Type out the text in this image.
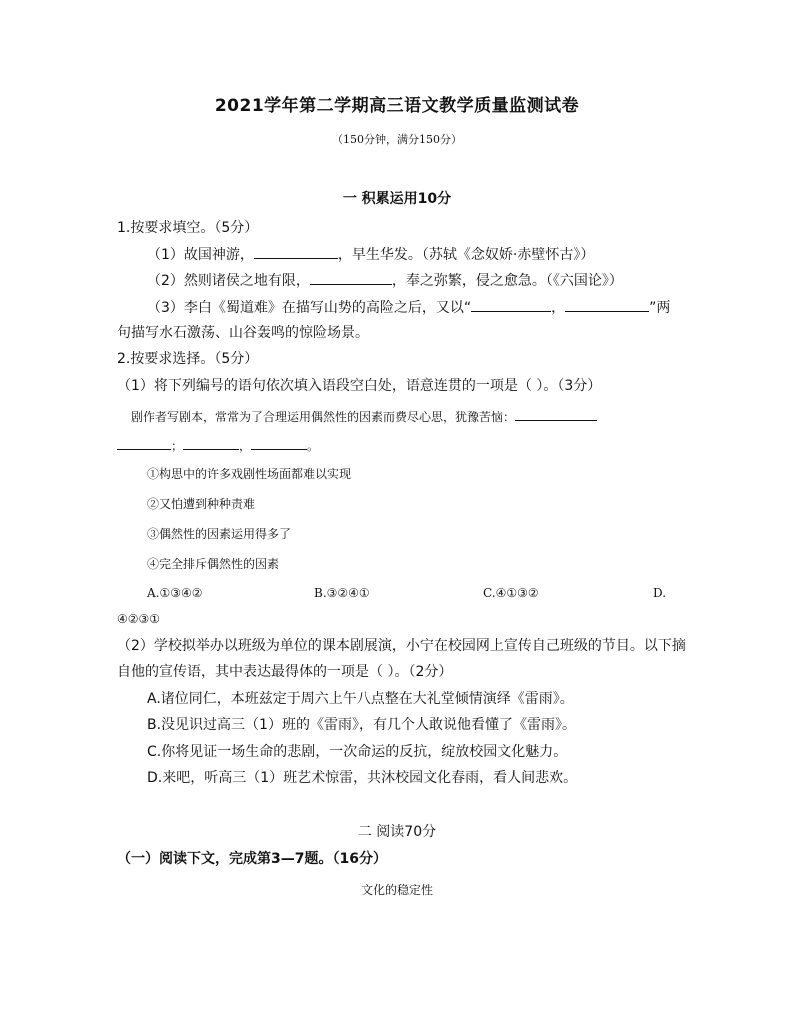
2021学年第二学期高三语文教学质量监测试卷
（150分钟，满分150分）
一 积累运用10分
1.按要求填空。（5分）
（1）故国神游，	，早生华发。（苏轼《念奴娇·赤壁怀古》）
（2）然则诸侯之地有限，	，奉之弥繁，侵之愈急。（《六国论》）
（3）李白《蜀道难》在描写山势的高险之后，又以“	，	”两
句描写水石激荡、山谷轰鸣的惊险场景。
2.按要求选择。（5分）
（1）将下列编号的语句依次填入语段空白处，语意连贯的一项是（ ）。（3分）
剧作者写剧本，常常为了合理运用偶然性的因素而费尽心思，犹豫苦恼：
；	，	。
①构思中的许多戏剧性场面都难以实现
②又怕遭到种种责难
③偶然性的因素运用得多了
④完全排斥偶然性的因素
A.①③④②	B.③②④①	C.④①③②	D.
④②③①
（2）学校拟举办以班级为单位的课本剧展演，小宁在校园网上宣传自己班级的节目。以下摘
自他的宣传语，其中表达最得体的一项是（ ）。（2分）
A.诸位同仁，本班兹定于周六上午八点整在大礼堂倾情演绎《雷雨》。
B.没见识过高三（1）班的《雷雨》，有几个人敢说他看懂了《雷雨》。
C.你将见证一场生命的悲剧，一次命运的反抗，绽放校园文化魅力。
D.来吧，听高三（1）班艺术惊雷，共沐校园文化春雨，看人间悲欢。
二 阅读70分
（一）阅读下文，完成第3—7题。（16分）
文化的稳定性
